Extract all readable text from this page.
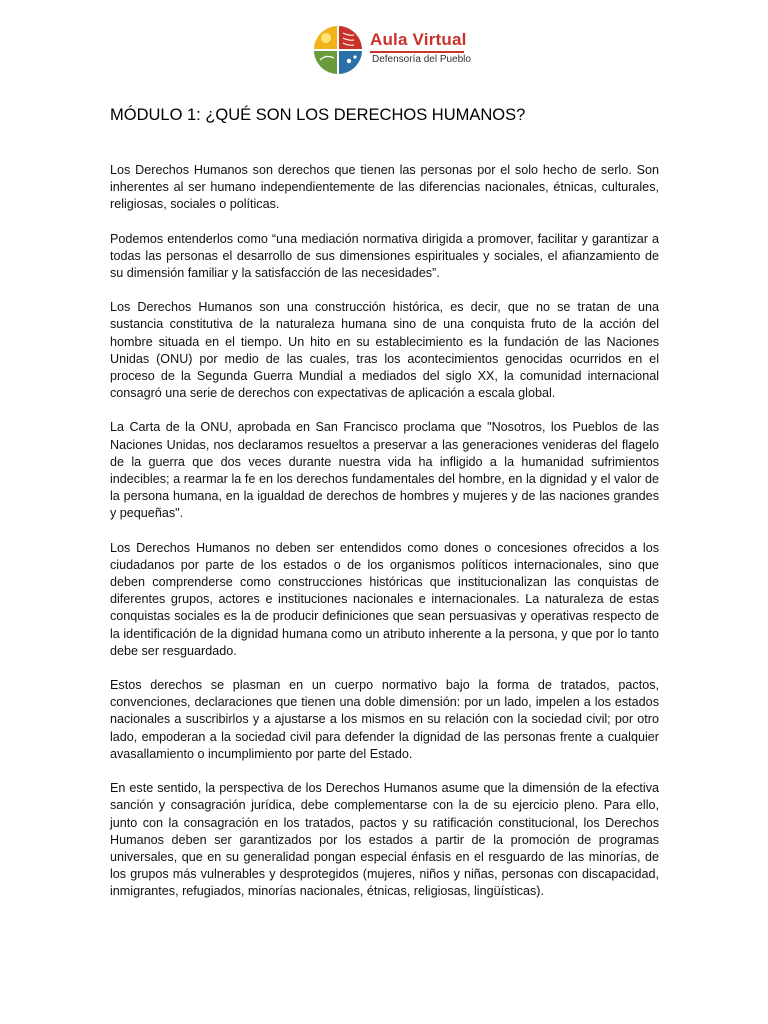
Aula Virtual
Defensoría del Pueblo
MÓDULO 1: ¿QUÉ SON LOS DERECHOS HUMANOS?

Los Derechos Humanos son derechos que tienen las personas por el solo hecho de serlo. Son inherentes al ser humano independientemente de las diferencias nacionales, étnicas, culturales, religiosas, sociales o políticas.

Podemos entenderlos como “una mediación normativa dirigida a promover, facilitar y garantizar a todas las personas el desarrollo de sus dimensiones espirituales y sociales, el afianzamiento de su dimensión familiar y la satisfacción de las necesidades”.

Los Derechos Humanos son una construcción histórica, es decir, que no se tratan de una sustancia constitutiva de la naturaleza humana sino de una conquista fruto de la acción del hombre situada en el tiempo. Un hito en su establecimiento es la fundación de las Naciones Unidas (ONU) por medio de las cuales, tras los acontecimientos genocidas ocurridos en el proceso de la Segunda Guerra Mundial a mediados del siglo XX, la comunidad internacional consagró una serie de derechos con expectativas de aplicación a escala global.

La Carta de la ONU, aprobada en San Francisco proclama que "Nosotros, los Pueblos de las Naciones Unidas, nos declaramos resueltos a preservar a las generaciones venideras del flagelo de la guerra que dos veces durante nuestra vida ha infligido a la humanidad sufrimientos indecibles; a rearmar la fe en los derechos fundamentales del hombre, en la dignidad y el valor de la persona humana, en la igualdad de derechos de hombres y mujeres y de las naciones grandes y pequeñas".

Los Derechos Humanos no deben ser entendidos como dones o concesiones ofrecidos a los ciudadanos por parte de los estados o de los organismos políticos internacionales, sino que deben comprenderse como construcciones históricas que institucionalizan las conquistas de diferentes grupos, actores e instituciones nacionales e internacionales. La naturaleza de estas conquistas sociales es la de producir definiciones que sean persuasivas y operativas respecto de la identificación de la dignidad humana como un atributo inherente a la persona, y que por lo tanto debe ser resguardado.

Estos derechos se plasman en un cuerpo normativo bajo la forma de tratados, pactos, convenciones, declaraciones que tienen una doble dimensión: por un lado, impelen a los estados nacionales a suscribirlos y a ajustarse a los mismos en su relación con la sociedad civil; por otro lado, empoderan a la sociedad civil para defender la dignidad de las personas frente a cualquier avasallamiento o incumplimiento por parte del Estado.

En este sentido, la perspectiva de los Derechos Humanos asume que la dimensión de la efectiva sanción y consagración jurídica, debe complementarse con la de su ejercicio pleno. Para ello, junto con la consagración en los tratados, pactos y su ratificación constitucional, los Derechos Humanos deben ser garantizados por los estados a partir de la promoción de programas universales, que en su generalidad pongan especial énfasis en el resguardo de las minorías, de los grupos más vulnerables y desprotegidos (mujeres, niños y niñas, personas con discapacidad, inmigrantes, refugiados, minorías nacionales, étnicas, religiosas, lingüísticas).
